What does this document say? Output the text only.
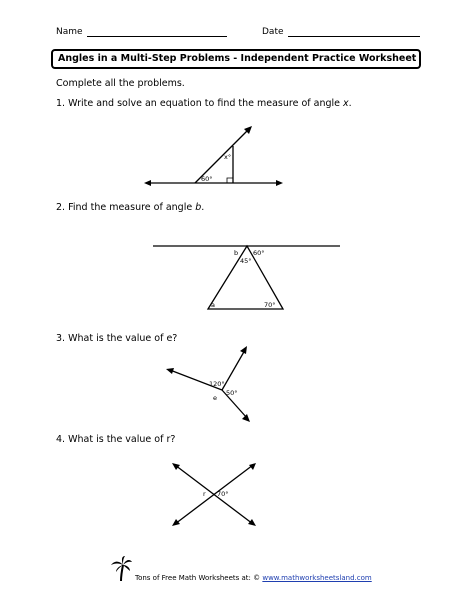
Name	Date
Angles in a Multi-Step Problems - Independent Practice Worksheet
Complete all the problems.
1. Write and solve an equation to find the measure of angle x.
60°
x°
2. Find the measure of angle b.
b 60°
45°
a	70°
3. What is the value of e?
120°
50°
e
4. What is the value of r?
r 70°
Tons of Free Math Worksheets at: © www.mathworksheetsland.com
